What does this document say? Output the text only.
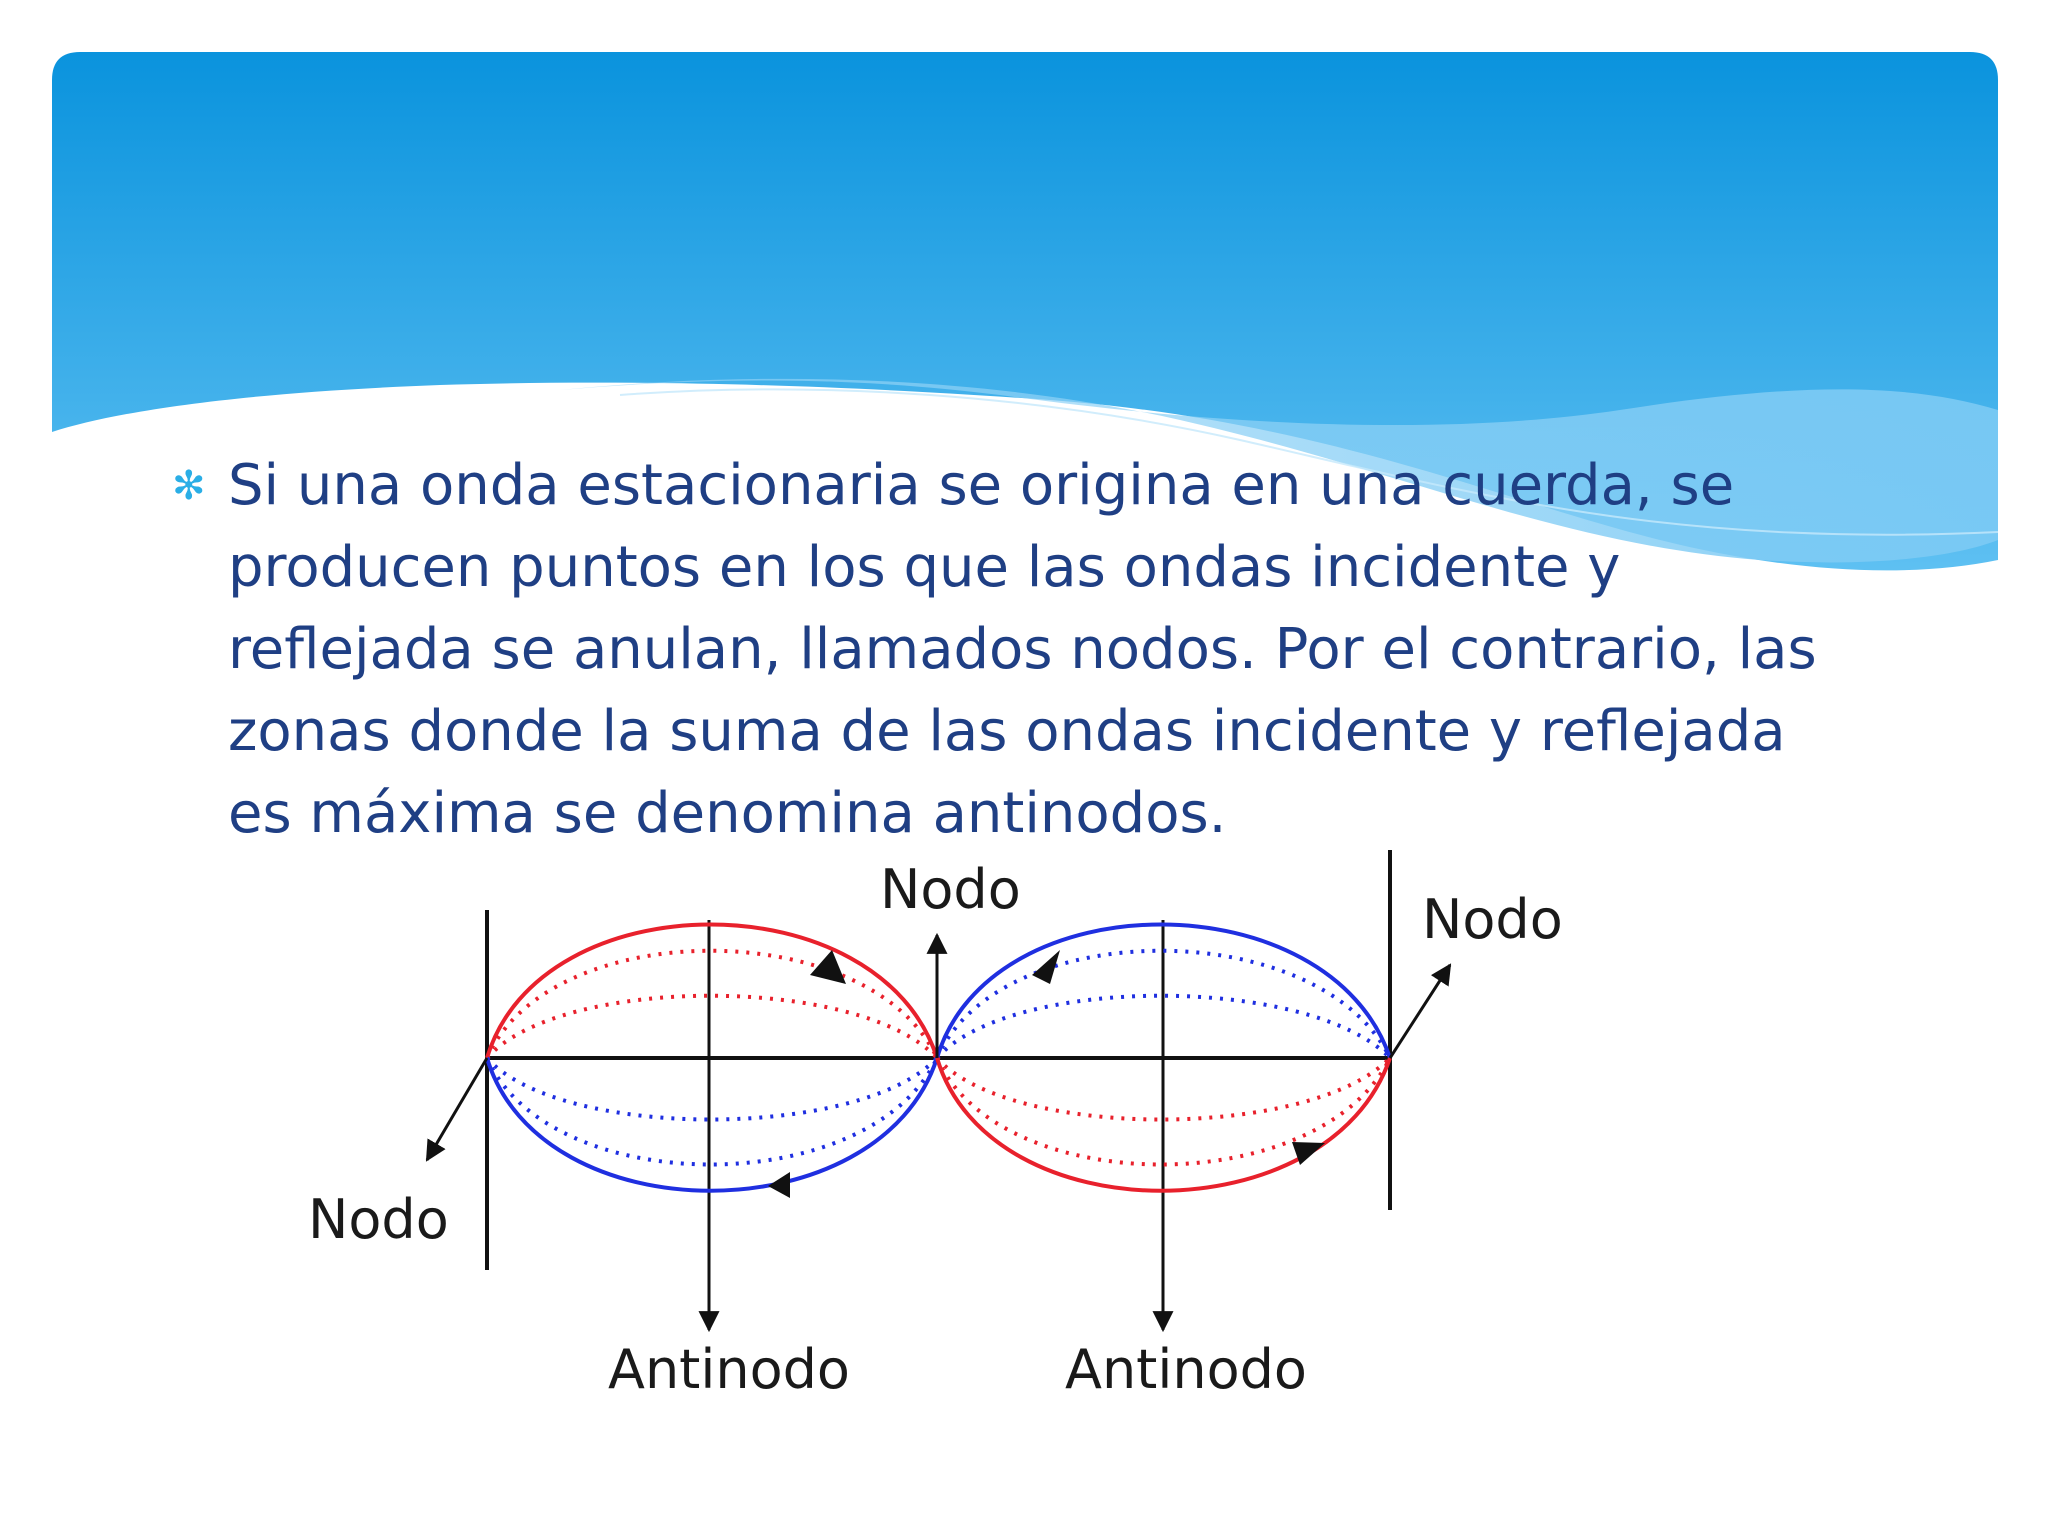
✻ Si una onda estacionaria se origina en una cuerda, se producen puntos en los que las ondas incidente y reflejada se anulan, llamados nodos. Por el contrario, las zonas donde la suma de las ondas incidente y reflejada es máxima se denomina antinodos.

Nodo	Nodo
Nodo
Antinodo	Antinodo
